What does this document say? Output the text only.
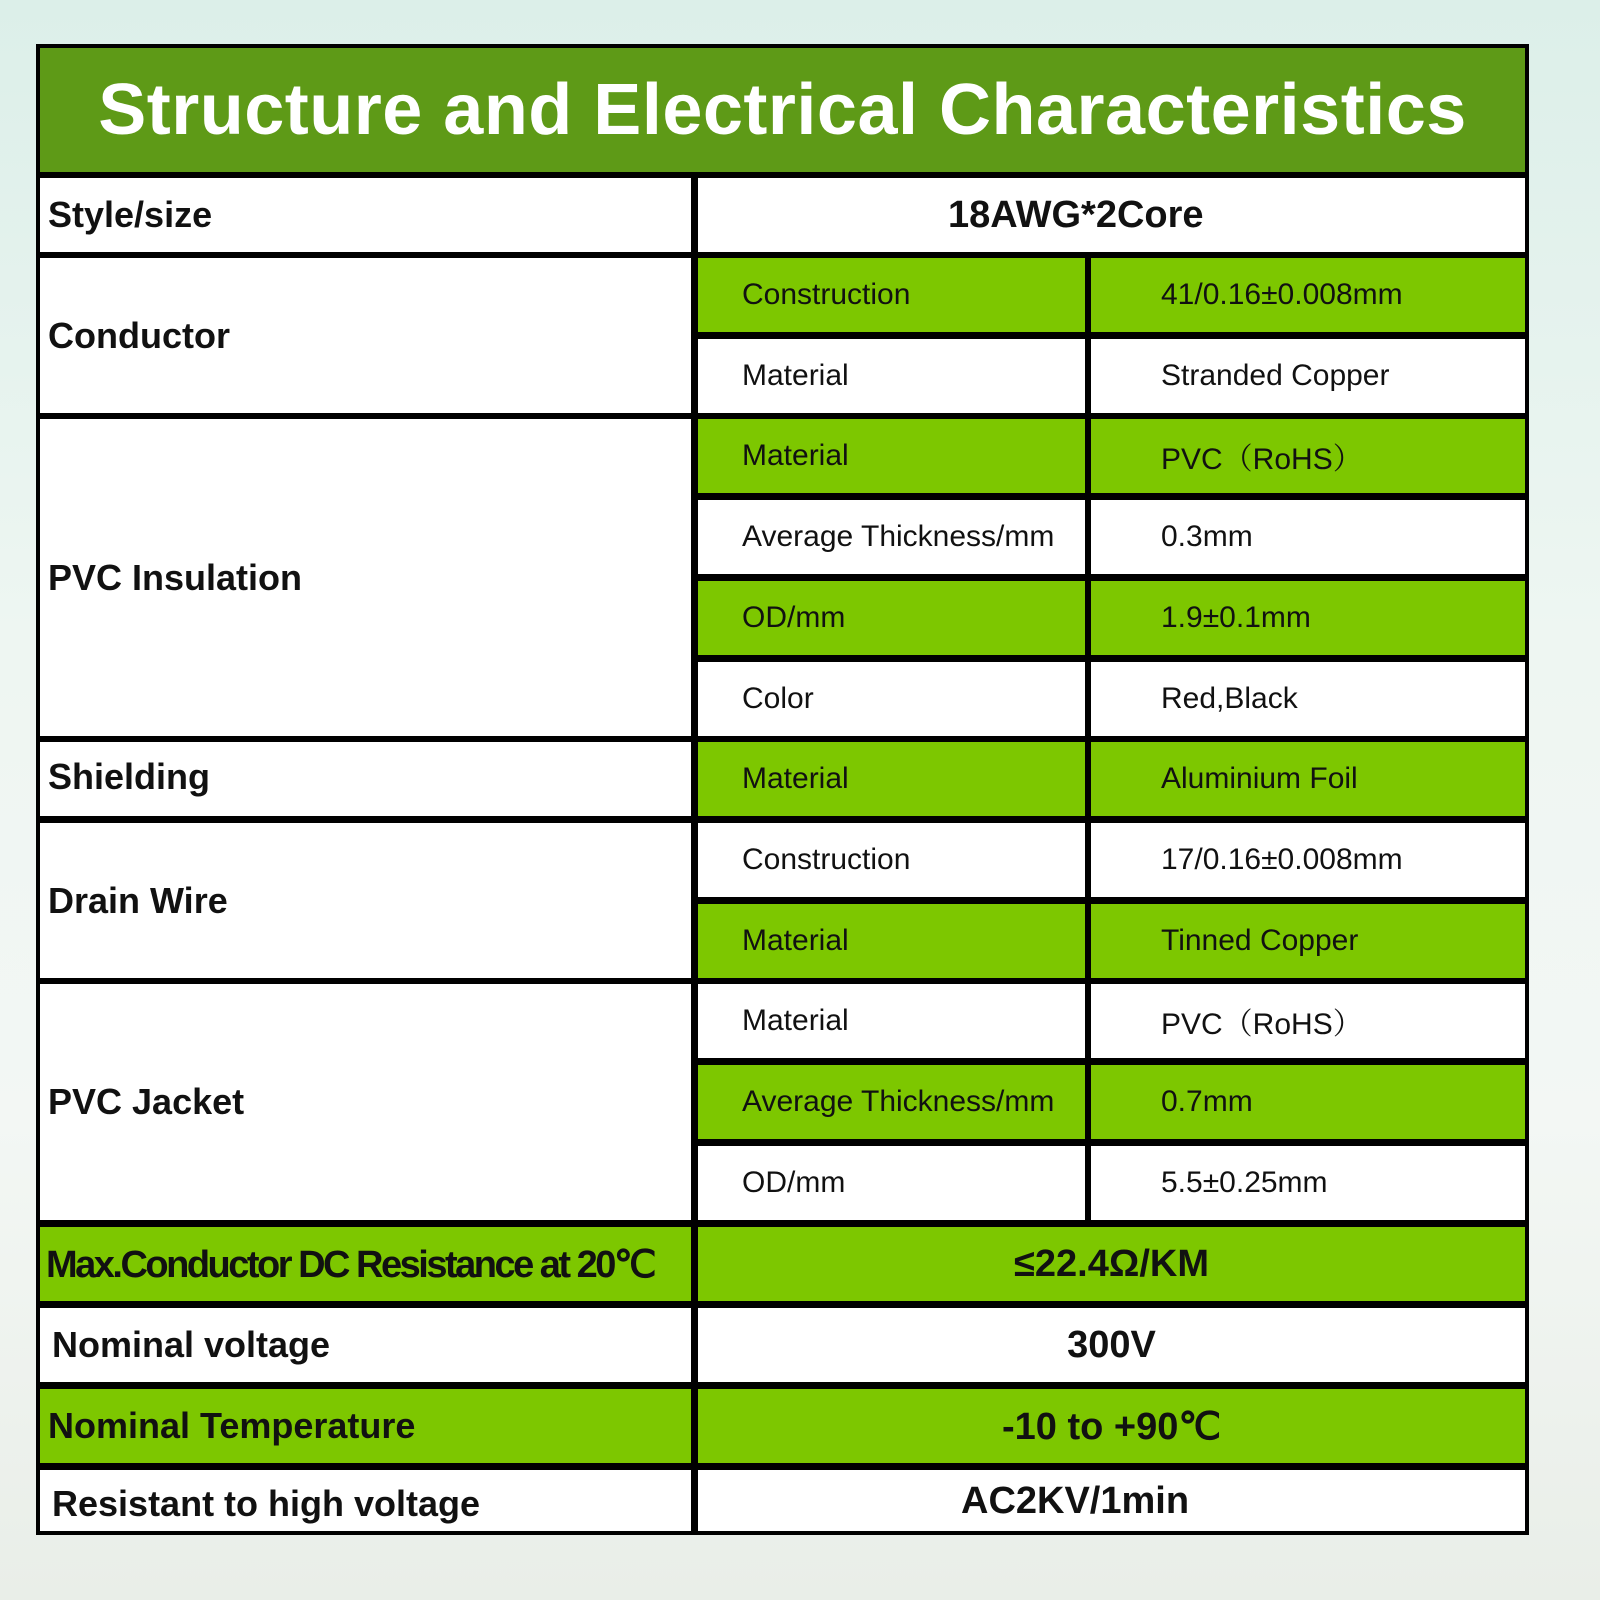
Structure and Electrical Characteristics
Style/size	18AWG*2Core
Conductor
Construction	41/0.16±0.008mm
Material	Stranded Copper
PVC Insulation
Material	PVC（RoHS）
Average Thickness/mm	0.3mm
OD/mm	1.9±0.1mm
Color	Red,Black
Shielding	Material	Aluminium Foil
Drain Wire
Construction	17/0.16±0.008mm
Material	Tinned Copper
PVC Jacket
Material	PVC（RoHS）
Average Thickness/mm	0.7mm
OD/mm	5.5±0.25mm
Max.Conductor DC Resistance at 20℃	≤22.4Ω/KM
Nominal voltage	300V
Nominal Temperature	-10 to +90℃
Resistant to high voltage	AC2KV/1min
